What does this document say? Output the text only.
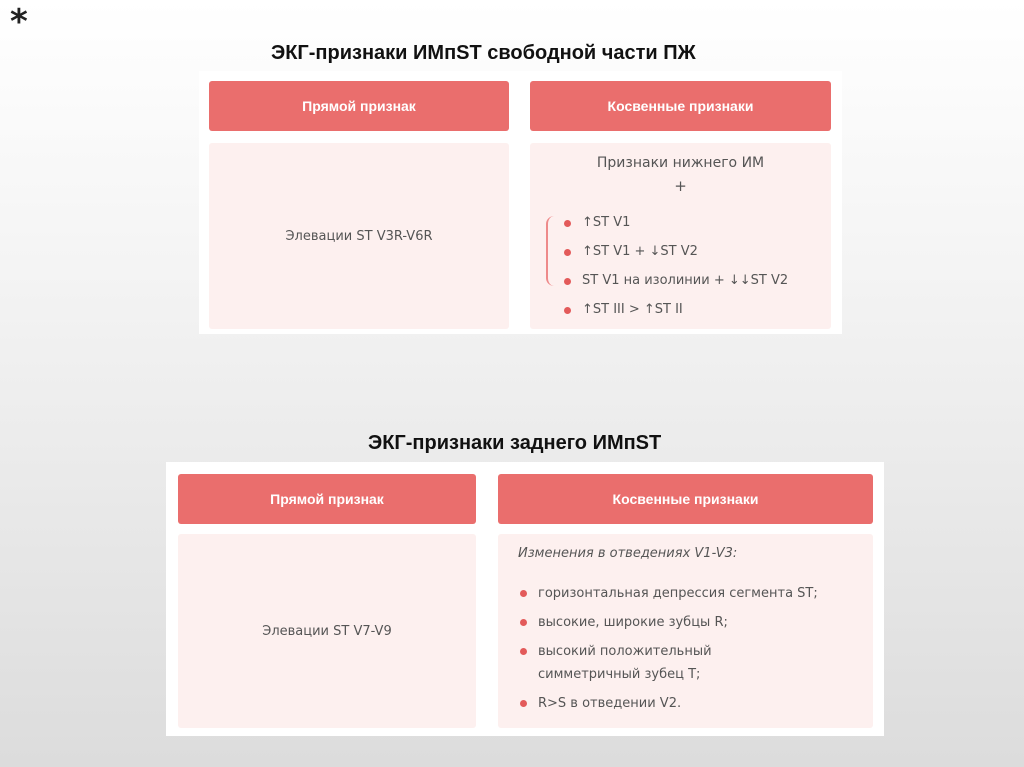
*
ЭКГ-признаки ИМпST свободной части ПЖ
Прямой признак	Косвенные признаки
Элевации ST V3R-V6R
Признаки нижнего ИМ
+
↑ST V1
↑ST V1 + ↓ST V2
ST V1 на изолинии + ↓↓ST V2
↑ST III > ↑ST II
ЭКГ-признаки заднего ИМпST
Прямой признак	Косвенные признаки
Элевации ST V7-V9
Изменения в отведениях V1-V3:
горизонтальная депрессия сегмента ST;
высокие, широкие зубцы R;
высокий положительный
симметричный зубец T;
R>S в отведении V2.
